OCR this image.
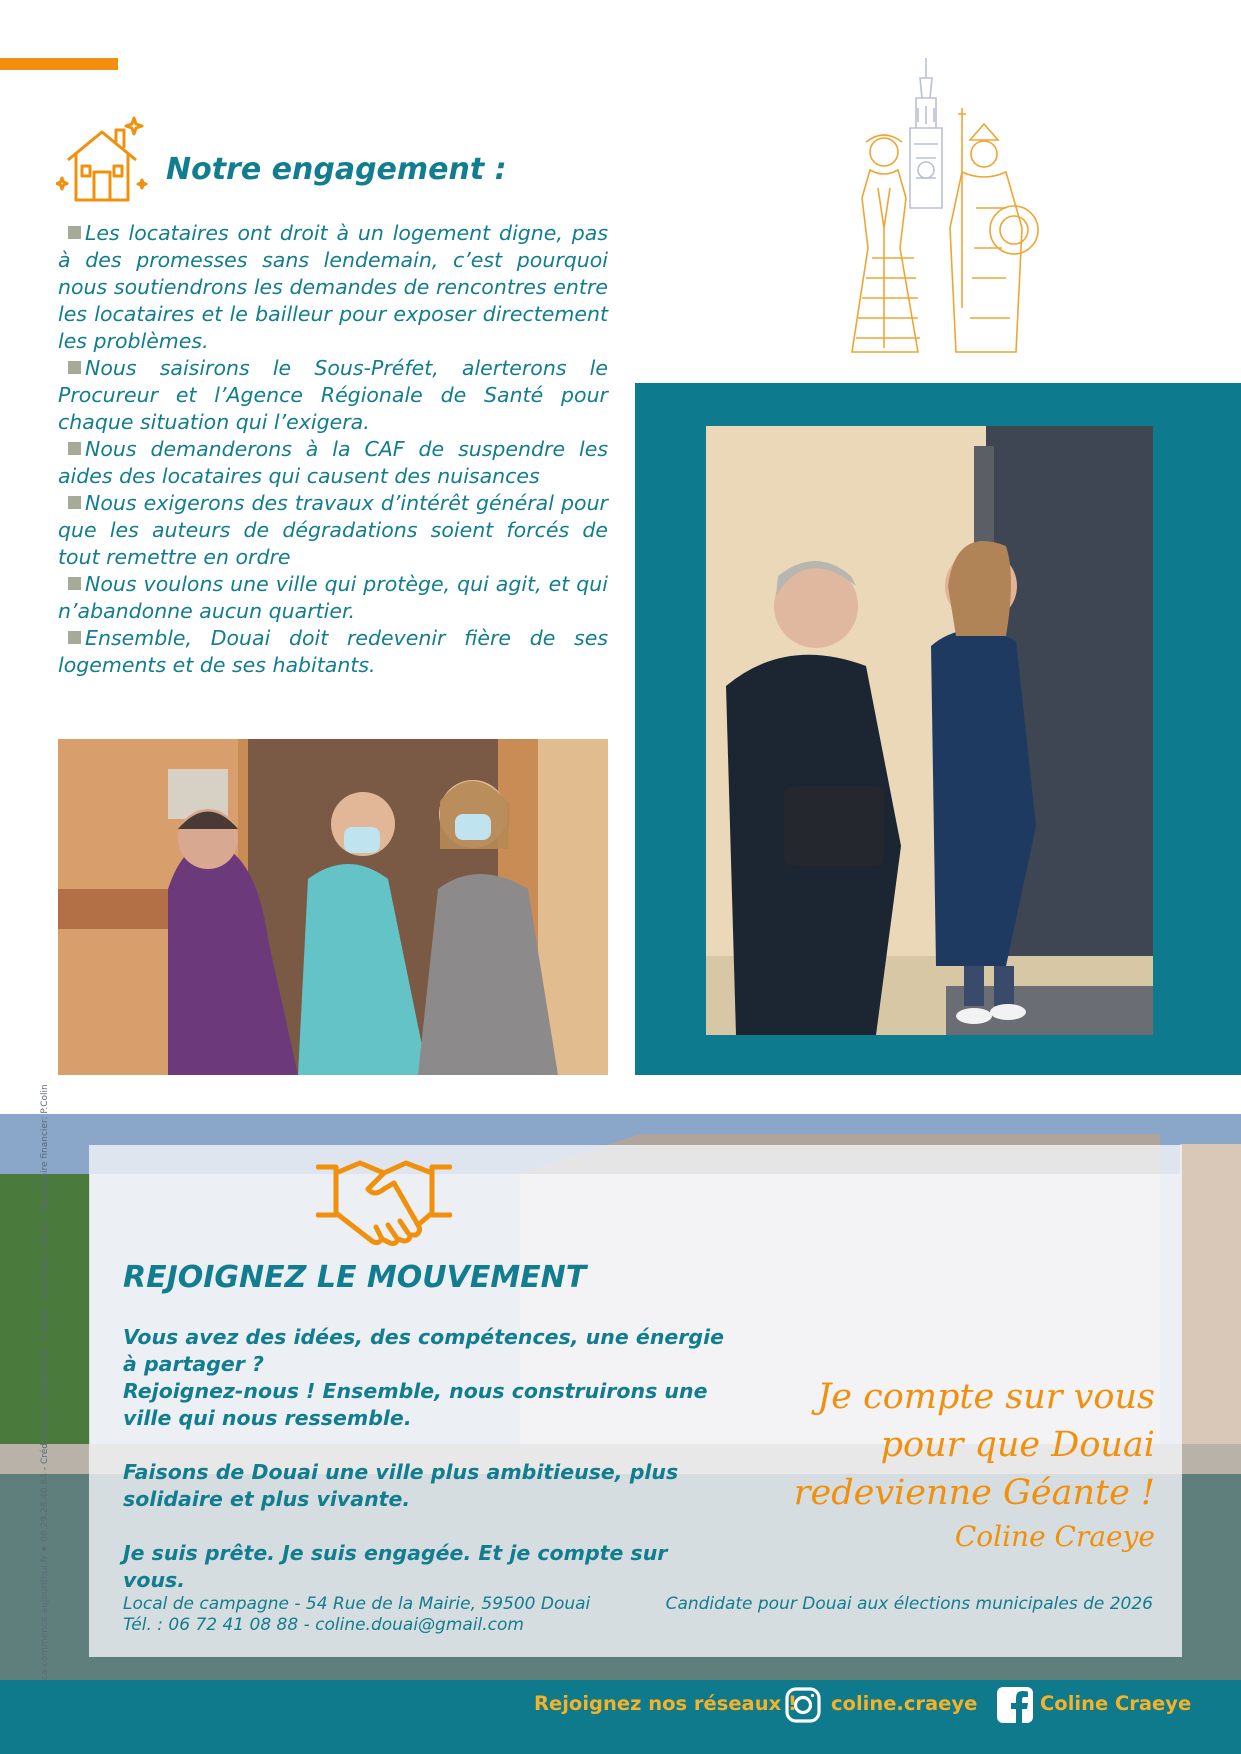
Notre engagement :
Les locataires ont droit à un logement digne, pas à des promesses sans lendemain, c’est pourquoi nous soutiendrons les demandes de rencontres entre les locataires et le bailleur pour exposer directement les problèmes.
Nous saisirons le Sous-Préfet, alerterons le Procureur et l’Agence Régionale de Santé pour chaque situation qui l’exigera.
Nous demanderons à la CAF de suspendre les aides des locataires qui causent des nuisances
Nous exigerons des travaux d’intérêt général pour que les auteurs de dégradations soient forcés de tout remettre en ordre
Nous voulons une ville qui protège, qui agit, et qui n’abandonne aucun quartier.
Ensemble, Douai doit redevenir fière de ses logements et de ses habitants.
ca-commence-aujourdhui.fr ★ 06.29.28.40.84 - Crédit photo: AdobeStock - P.Vallet - Imprimeur: Elbée - Mandataire financier: P.Colin REJOIGNEZ LE MOUVEMENT
Vous avez des idées, des compétences, une énergie à partager ?
Rejoignez-nous ! Ensemble, nous construirons une ville qui nous ressemble.
Faisons de Douai une ville plus ambitieuse, plus solidaire et plus vivante.
Je suis prête. Je suis engagée. Et je compte sur vous.
Je compte sur vous
pour que Douai
redevienne Géante !
Coline Craeye
Local de campagne - 54 Rue de la Mairie, 59500 Douai
Tél. : 06 72 41 08 88 - coline.douai@gmail.com
Candidate pour Douai aux élections municipales de 2026
Rejoignez nos réseaux ! coline.craeye	Coline Craeye
